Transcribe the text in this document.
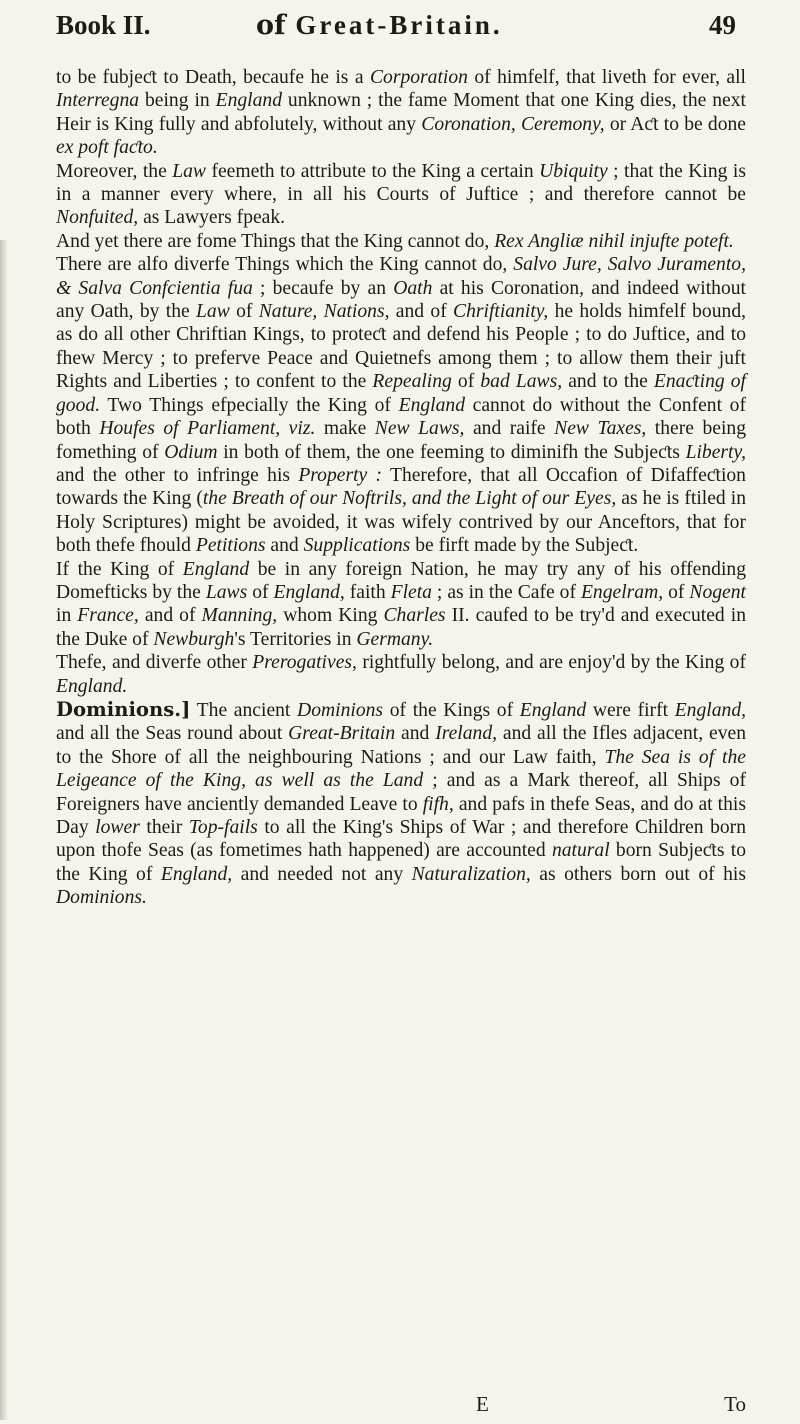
Book II.	of Great-Britain.	49

to be fubjeƈt to Death, becaufe he is a Corporation of himfelf, that liveth for ever, all Interregna being in England unknown ; the fame Moment that one King dies, the next Heir is King fully and abfolutely, without any Coronation, Ceremony, or Aƈt to be done ex poft faƈto.

Moreover, the Law feemeth to attribute to the King a certain Ubiquity ; that the King is in a manner every where, in all his Courts of Juftice ; and therefore cannot be Nonfuited, as Lawyers fpeak.

And yet there are fome Things that the King cannot do, Rex Angliæ nihil injufte poteft.

There are alfo diverfe Things which the King cannot do, Salvo Jure, Salvo Juramento, & Salva Confcientia fua ; becaufe by an Oath at his Coronation, and indeed without any Oath, by the Law of Nature, Nations, and of Chriftianity, he holds himfelf bound, as do all other Chriftian Kings, to proteƈt and defend his People ; to do Juftice, and to fhew Mercy ; to preferve Peace and Quietnefs among them ; to allow them their juft Rights and Liberties ; to confent to the Repealing of bad Laws, and to the Enaƈting of good. Two Things efpecially the King of England cannot do without the Confent of both Houfes of Parliament, viz. make New Laws, and raife New Taxes, there being fomething of Odium in both of them, the one feeming to diminifh the Subjeƈts Liberty, and the other to infringe his Property : Therefore, that all Occafion of Difaffeƈtion towards the King (the Breath of our Noftrils, and the Light of our Eyes, as he is ftiled in Holy Scriptures) might be avoided, it was wifely contrived by our Anceftors, that for both thefe fhould Petitions and Supplications be firft made by the Subjeƈt.

If the King of England be in any foreign Nation, he may try any of his offending Domefticks by the Laws of England, faith Fleta ; as in the Cafe of Engelram, of Nogent in France, and of Manning, whom King Charles II. caufed to be try'd and executed in the Duke of Newburgh's Territories in Germany.

Thefe, and diverfe other Prerogatives, rightfully belong, and are enjoy'd by the King of England.

Dominions.] The ancient Dominions of the Kings of England were firft England, and all the Seas round about Great-Britain and Ireland, and all the Ifles adjacent, even to the Shore of all the neighbouring Nations ; and our Law faith, The Sea is of the Leigeance of the King, as well as the Land ; and as a Mark thereof, all Ships of Foreigners have anciently demanded Leave to fifh, and pafs in thefe Seas, and do at this Day lower their Top-fails to all the King's Ships of War ; and therefore Children born upon thofe Seas (as fometimes hath happened) are accounted natural born Subjeƈts to the King of England, and needed not any Naturalization, as others born out of his Dominions.

E	To
